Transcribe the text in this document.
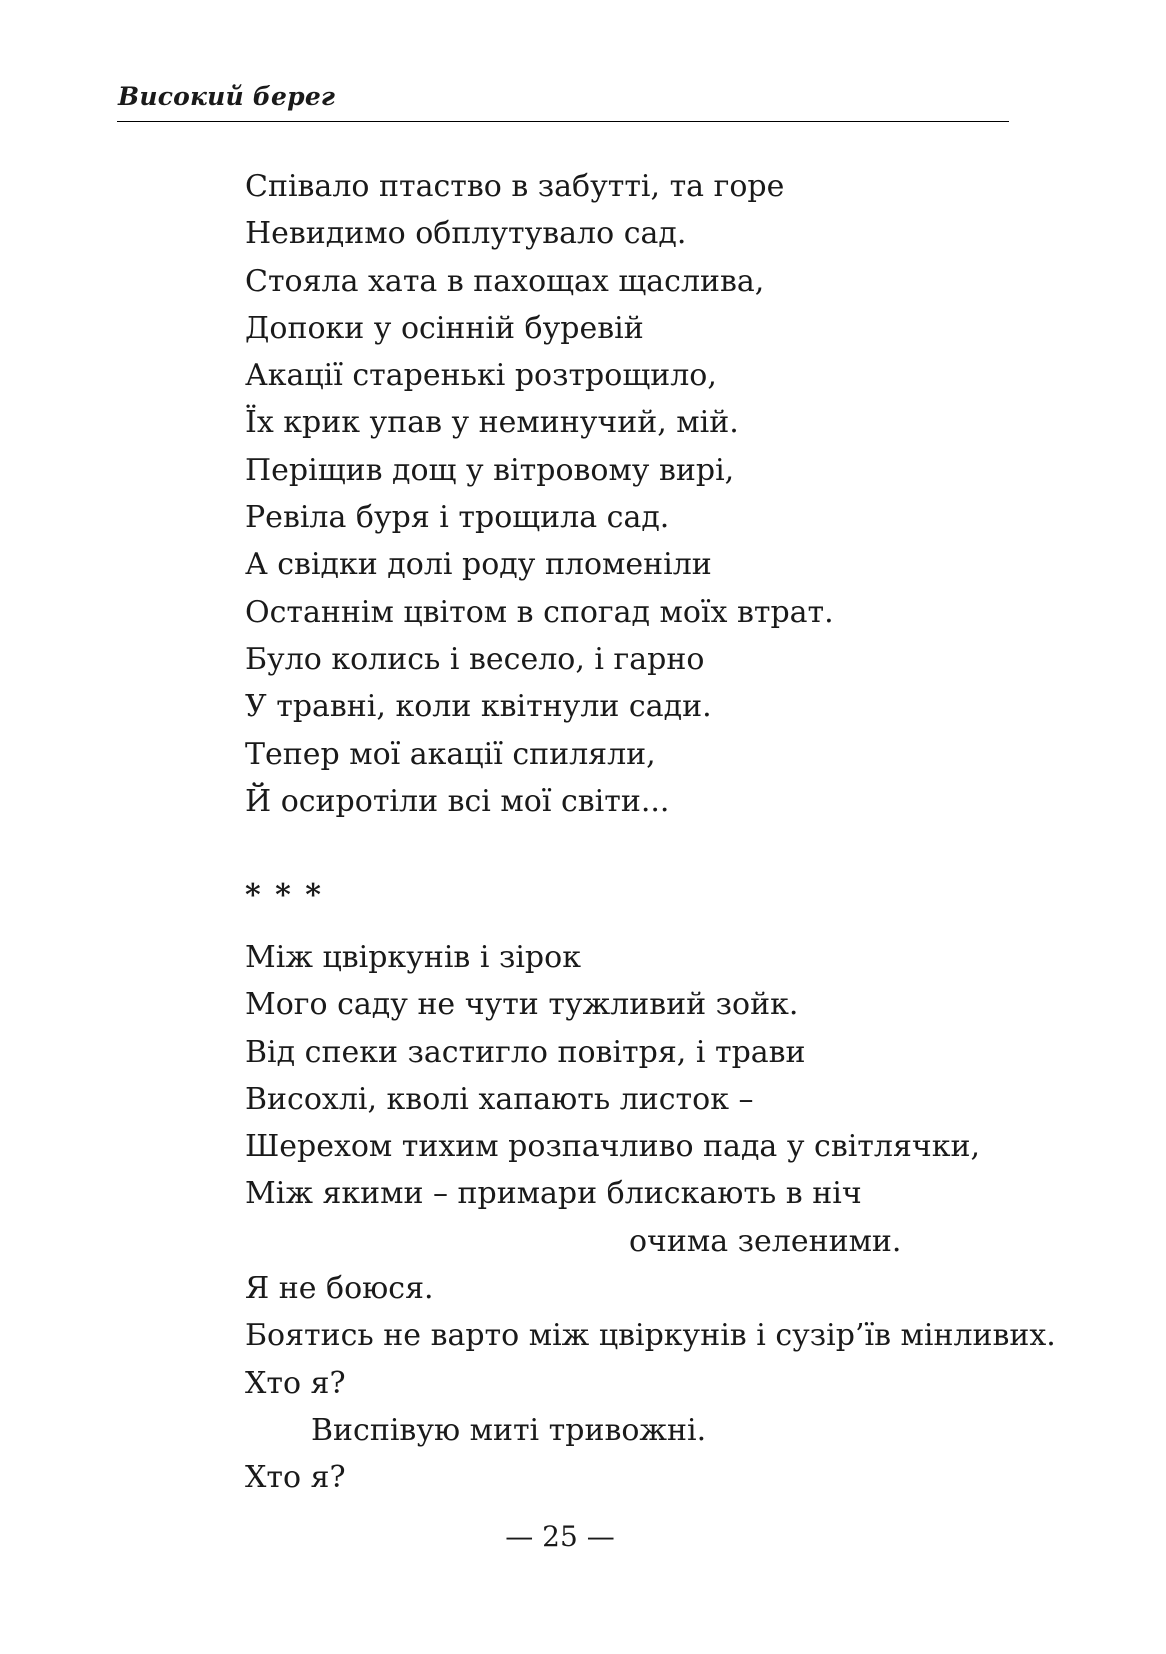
Високий берег
Співало птаство в забутті, та горе
Невидимо обплутувало сад.
Стояла хата в пахощах щаслива,
Допоки у осінній буревій
Акації старенькі розтрощило,
Їх крик упав у неминучий, мій.
Періщив дощ у вітровому вирі,
Ревіла буря і трощила сад.
А свідки долі роду пломеніли
Останнім цвітом в спогад моїх втрат.
Було колись і весело, і гарно
У травні, коли квітнули сади.
Тепер мої акації спиляли,
Й осиротіли всі мої світи...
* * *
Між цвіркунів і зірок
Мого саду не чути тужливий зойк.
Від спеки застигло повітря, і трави
Висохлі, кволі хапають листок –
Шерехом тихим розпачливо пада у світлячки,
Між якими – примари блискають в ніч
очима зеленими.
Я не боюся.
Боятись не варто між цвіркунів і сузір’їв мінливих.
Хто я?
Виспівую миті тривожні.
Хто я?
— 25 —
